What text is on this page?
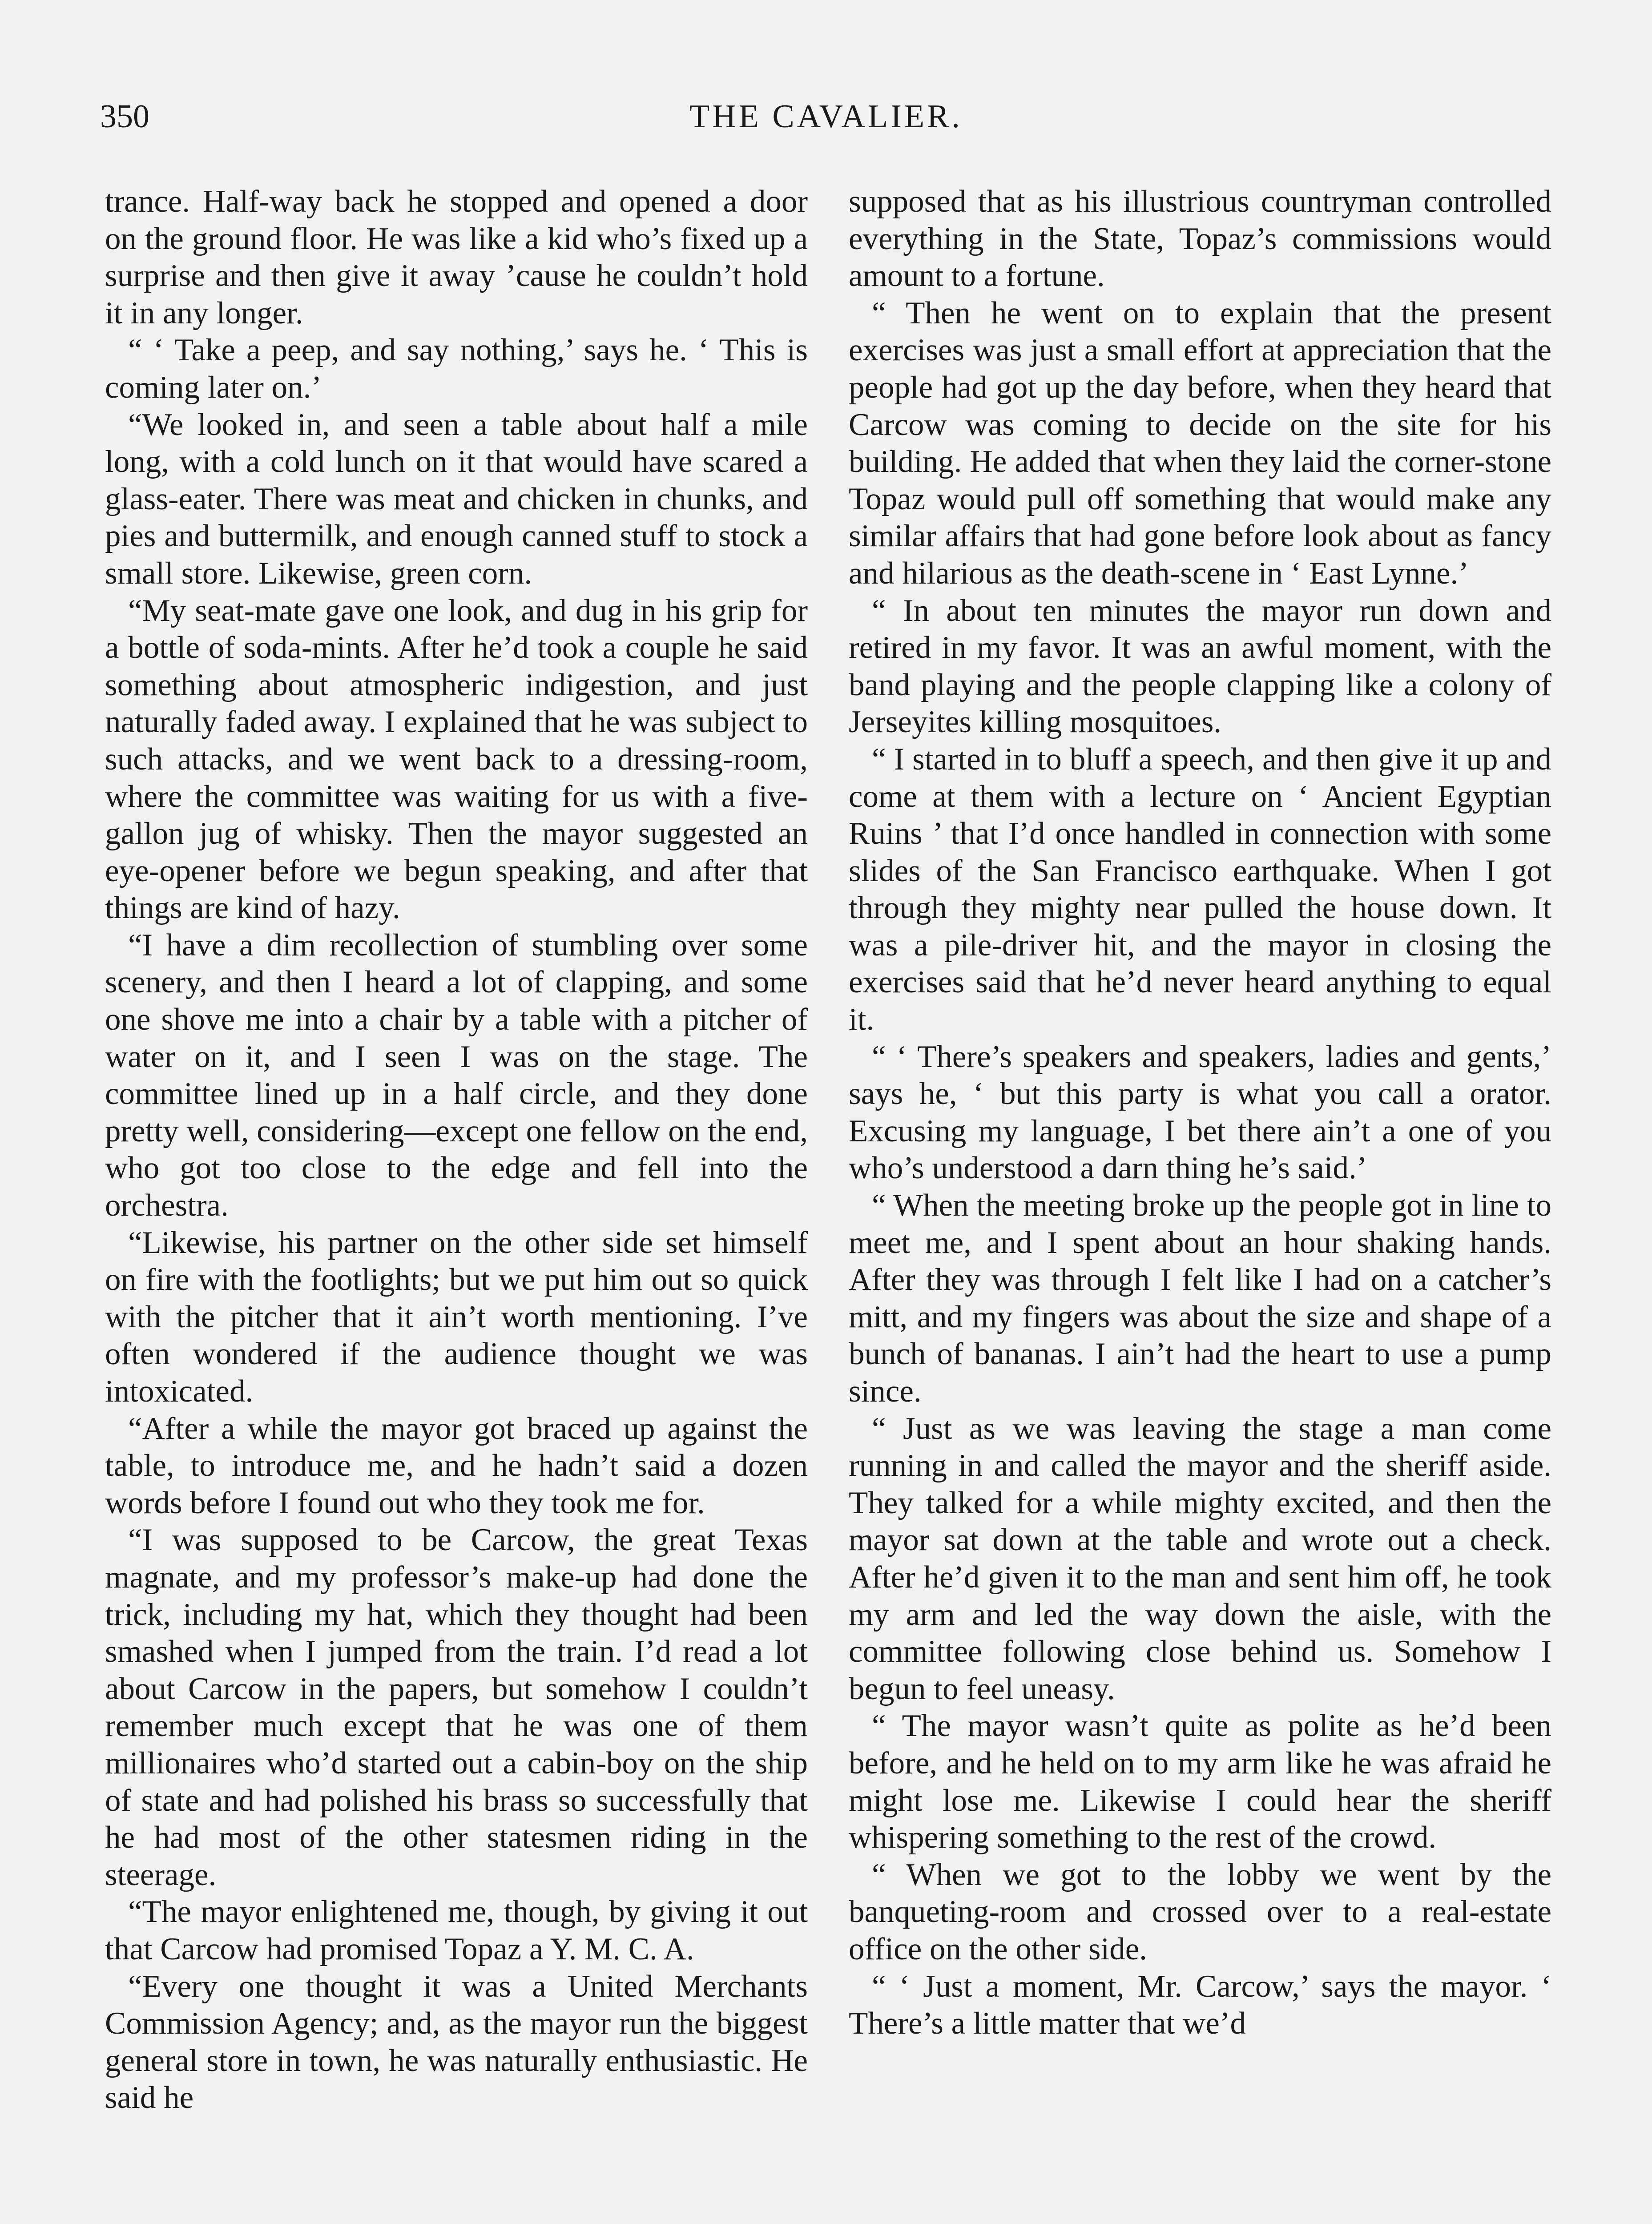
350	THE CAVALIER.

trance. Half-way back he stopped and opened a door on the ground floor. He was like a kid who’s fixed up a surprise and then give it away ’cause he couldn’t hold it in any longer.

“ ‘ Take a peep, and say nothing,’ says he. ‘ This is coming later on.’

“We looked in, and seen a table about half a mile long, with a cold lunch on it that would have scared a glass-eater. There was meat and chicken in chunks, and pies and buttermilk, and enough canned stuff to stock a small store. Likewise, green corn.

“My seat-mate gave one look, and dug in his grip for a bottle of soda-mints. After he’d took a couple he said something about atmospheric indigestion, and just naturally faded away. I explained that he was subject to such attacks, and we went back to a dressing-room, where the committee was waiting for us with a five-gallon jug of whisky. Then the mayor suggested an eye-opener before we begun speaking, and after that things are kind of hazy.

“I have a dim recollection of stumbling over some scenery, and then I heard a lot of clapping, and some one shove me into a chair by a table with a pitcher of water on it, and I seen I was on the stage. The committee lined up in a half circle, and they done pretty well, considering—except one fellow on the end, who got too close to the edge and fell into the orchestra.

“Likewise, his partner on the other side set himself on fire with the footlights; but we put him out so quick with the pitcher that it ain’t worth mentioning. I’ve often wondered if the audience thought we was intoxicated.

“After a while the mayor got braced up against the table, to introduce me, and he hadn’t said a dozen words before I found out who they took me for.

“I was supposed to be Carcow, the great Texas magnate, and my professor’s make-up had done the trick, including my hat, which they thought had been smashed when I jumped from the train. I’d read a lot about Carcow in the papers, but somehow I couldn’t remember much except that he was one of them millionaires who’d started out a cabin-boy on the ship of state and had polished his brass so successfully that he had most of the other statesmen riding in the steerage.

“The mayor enlightened me, though, by giving it out that Carcow had promised Topaz a Y. M. C. A.

“Every one thought it was a United Merchants Commission Agency; and, as the mayor run the biggest general store in town, he was naturally enthusiastic. He said he

supposed that as his illustrious countryman controlled everything in the State, Topaz’s commissions would amount to a fortune.

“ Then he went on to explain that the present exercises was just a small effort at appreciation that the people had got up the day before, when they heard that Carcow was coming to decide on the site for his building. He added that when they laid the corner-stone Topaz would pull off something that would make any similar affairs that had gone before look about as fancy and hilarious as the death-scene in ‘ East Lynne.’

“ In about ten minutes the mayor run down and retired in my favor. It was an awful moment, with the band playing and the people clapping like a colony of Jerseyites killing mosquitoes.

“ I started in to bluff a speech, and then give it up and come at them with a lecture on ‘ Ancient Egyptian Ruins ’ that I’d once handled in connection with some slides of the San Francisco earthquake. When I got through they mighty near pulled the house down. It was a pile-driver hit, and the mayor in closing the exercises said that he’d never heard anything to equal it.

“ ‘ There’s speakers and speakers, ladies and gents,’ says he, ‘ but this party is what you call a orator. Excusing my language, I bet there ain’t a one of you who’s understood a darn thing he’s said.’

“ When the meeting broke up the people got in line to meet me, and I spent about an hour shaking hands. After they was through I felt like I had on a catcher’s mitt, and my fingers was about the size and shape of a bunch of bananas. I ain’t had the heart to use a pump since.

“ Just as we was leaving the stage a man come running in and called the mayor and the sheriff aside. They talked for a while mighty excited, and then the mayor sat down at the table and wrote out a check. After he’d given it to the man and sent him off, he took my arm and led the way down the aisle, with the committee following close behind us. Somehow I begun to feel uneasy.

“ The mayor wasn’t quite as polite as he’d been before, and he held on to my arm like he was afraid he might lose me. Likewise I could hear the sheriff whispering something to the rest of the crowd.

“ When we got to the lobby we went by the banqueting-room and crossed over to a real-estate office on the other side.

“ ‘ Just a moment, Mr. Carcow,’ says the mayor. ‘ There’s a little matter that we’d
